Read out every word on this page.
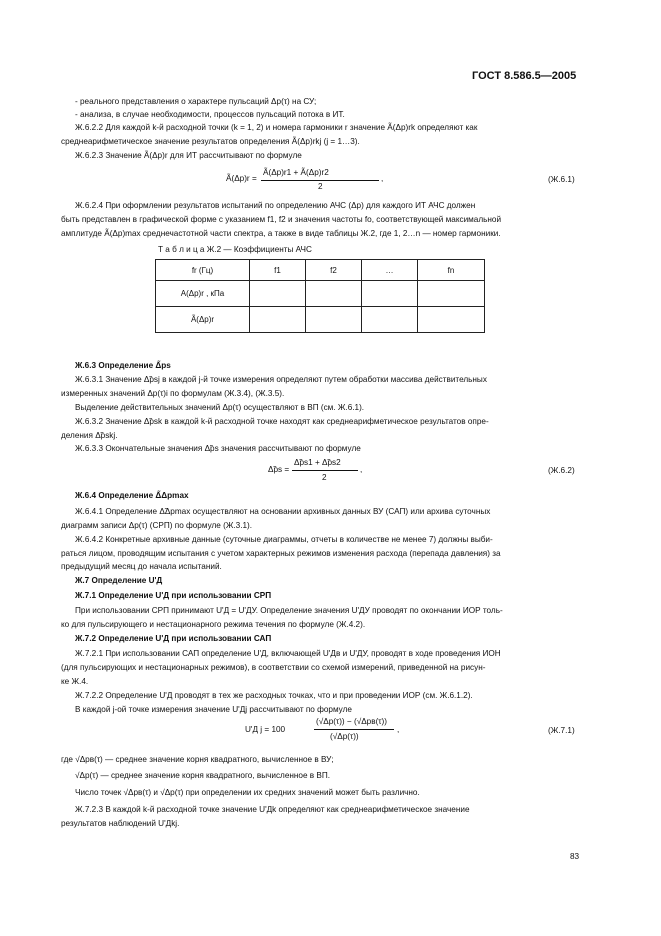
ГОСТ 8.586.5—2005
- реального представления о характере пульсаций Δp(τ) на СУ;
- анализа, в случае необходимости, процессов пульсаций потока в ИТ.
Ж.6.2.2 Для каждой k-й расходной точки (k = 1, 2) и номера гармоники r значение Ã(Δp)rk определяют как
среднеарифметическое значение результатов определения Ã(Δp)rkj (j = 1…3).
Ж.6.2.3 Значение Ã(Δp)r для ИТ рассчитывают по формуле
Ã(Δp)r =
Ã(Δp)r1 + Ã(Δp)r2
2
,	(Ж.6.1)
Ж.6.2.4 При оформлении результатов испытаний по определению АЧС (Δp) для каждого ИТ АЧС должен
быть представлен в графической форме с указанием f1, f2 и значения частоты fo, соответствующей максимальной
амплитуде Ã(Δp)max среднечастотной части спектра, а также в виде таблицы Ж.2, где 1, 2…n — номер гармоники.
Т а б л и ц а Ж.2 — Коэффициенты АЧС
fr (Гц)	f1	f2	…	fn
A(Δp)r , кПа				
Ã(Δp)r				
Ж.6.3 Определение Δ̃ps
Ж.6.3.1 Значение Δ̃psj в каждой j-й точке измерения определяют путем обработки массива действительных
измеренных значений Δp(τ)i по формулам (Ж.3.4), (Ж.3.5).
Выделение действительных значений Δp(τ) осуществляют в ВП (см. Ж.6.1).
Ж.6.3.2 Значение Δ̃psk в каждой k-й расходной точке находят как среднеарифметическое результатов опре-
деления Δ̃pskj.
Ж.6.3.3 Окончательные значения Δ̃ps значения рассчитывают по формуле
Δ̃ps =
Δ̃ps1 + Δ̃ps2
2
,	(Ж.6.2)
Ж.6.4 Определение Δ̃Δpmax
Ж.6.4.1 Определение Δ̃Δpmax осуществляют на основании архивных данных ВУ (САП) или архива суточных
диаграмм записи Δp(τ) (СРП) по формуле (Ж.3.1).
Ж.6.4.2 Конкретные архивные данные (суточные диаграммы, отчеты в количестве не менее 7) должны выби-
раться лицом, проводящим испытания с учетом характерных режимов изменения расхода (перепада давления) за
предыдущий месяц до начала испытаний.
Ж.7 Определение U'Д
Ж.7.1 Определение U'Д при использовании СРП
При использовании СРП принимают U'Д = U'ДУ. Определение значения U'ДУ проводят по окончании ИОР толь-
ко для пульсирующего и нестационарного режима течения по формуле (Ж.4.2).
Ж.7.2 Определение U'Д при использовании САП
Ж.7.2.1 При использовании САП определение U'Д, включающей U'Дв и U'ДУ, проводят в ходе проведения ИОН
(для пульсирующих и нестационарных режимов), в соответствии со схемой измерений, приведенной на рисун-
ке Ж.4.
Ж.7.2.2 Определение U'Д проводят в тех же расходных точках, что и при проведении ИОР (см. Ж.6.1.2).
В каждой j-ой точке измерения значение U'Дj рассчитывают по формуле
U'Д j = 100
(√Δp(τ)) − (√Δpв(τ))
(√Δp(τ))
,	(Ж.7.1)
где √Δpв(τ) — среднее значение корня квадратного, вычисленное в ВУ;
√Δp(τ) — среднее значение корня квадратного, вычисленное в ВП.
Число точек √Δpв(τ) и √Δp(τ) при определении их средних значений может быть различно.
Ж.7.2.3 В каждой k-й расходной точке значение U'Дk определяют как среднеарифметическое значение
результатов наблюдений U'Дkj.
83
